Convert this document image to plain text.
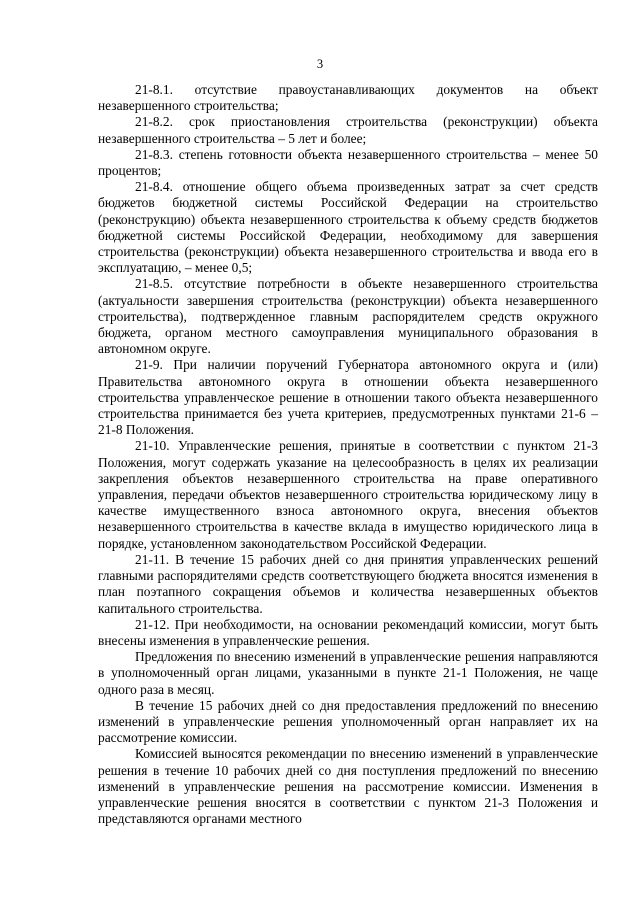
3

21-8.1. отсутствие правоустанавливающих документов на объект незавершенного строительства;

21-8.2. срок приостановления строительства (реконструкции) объекта незавершенного строительства – 5 лет и более;

21-8.3. степень готовности объекта незавершенного строительства – менее 50 процентов;

21-8.4. отношение общего объема произведенных затрат за счет средств бюджетов бюджетной системы Российской Федерации на строительство (реконструкцию) объекта незавершенного строительства к объему средств бюджетов бюджетной системы Российской Федерации, необходимому для завершения строительства (реконструкции) объекта незавершенного строительства и ввода его в эксплуатацию, – менее 0,5;

21-8.5. отсутствие потребности в объекте незавершенного строительства (актуальности завершения строительства (реконструкции) объекта незавершенного строительства), подтвержденное главным распорядителем средств окружного бюджета, органом местного самоуправления муниципального образования в автономном округе.

21-9. При наличии поручений Губернатора автономного округа и (или) Правительства автономного округа в отношении объекта незавершенного строительства управленческое решение в отношении такого объекта незавершенного строительства принимается без учета критериев, предусмотренных пунктами 21-6 – 21-8 Положения.

21-10. Управленческие решения, принятые в соответствии с пунктом 21-3 Положения, могут содержать указание на целесообразность в целях их реализации закрепления объектов незавершенного строительства на праве оперативного управления, передачи объектов незавершенного строительства юридическому лицу в качестве имущественного взноса автономного округа, внесения объектов незавершенного строительства в качестве вклада в имущество юридического лица в порядке, установленном законодательством Российской Федерации.

21-11. В течение 15 рабочих дней со дня принятия управленческих решений главными распорядителями средств соответствующего бюджета вносятся изменения в план поэтапного сокращения объемов и количества незавершенных объектов капитального строительства.

21-12. При необходимости, на основании рекомендаций комиссии, могут быть внесены изменения в управленческие решения.

Предложения по внесению изменений в управленческие решения направляются в уполномоченный орган лицами, указанными в пункте 21-1 Положения, не чаще одного раза в месяц.

В течение 15 рабочих дней со дня предоставления предложений по внесению изменений в управленческие решения уполномоченный орган направляет их на рассмотрение комиссии.

Комиссией выносятся рекомендации по внесению изменений в управленческие решения в течение 10 рабочих дней со дня поступления предложений по внесению изменений в управленческие решения на рассмотрение комиссии. Изменения в управленческие решения вносятся в соответствии с пунктом 21-3 Положения и представляются органами местного
